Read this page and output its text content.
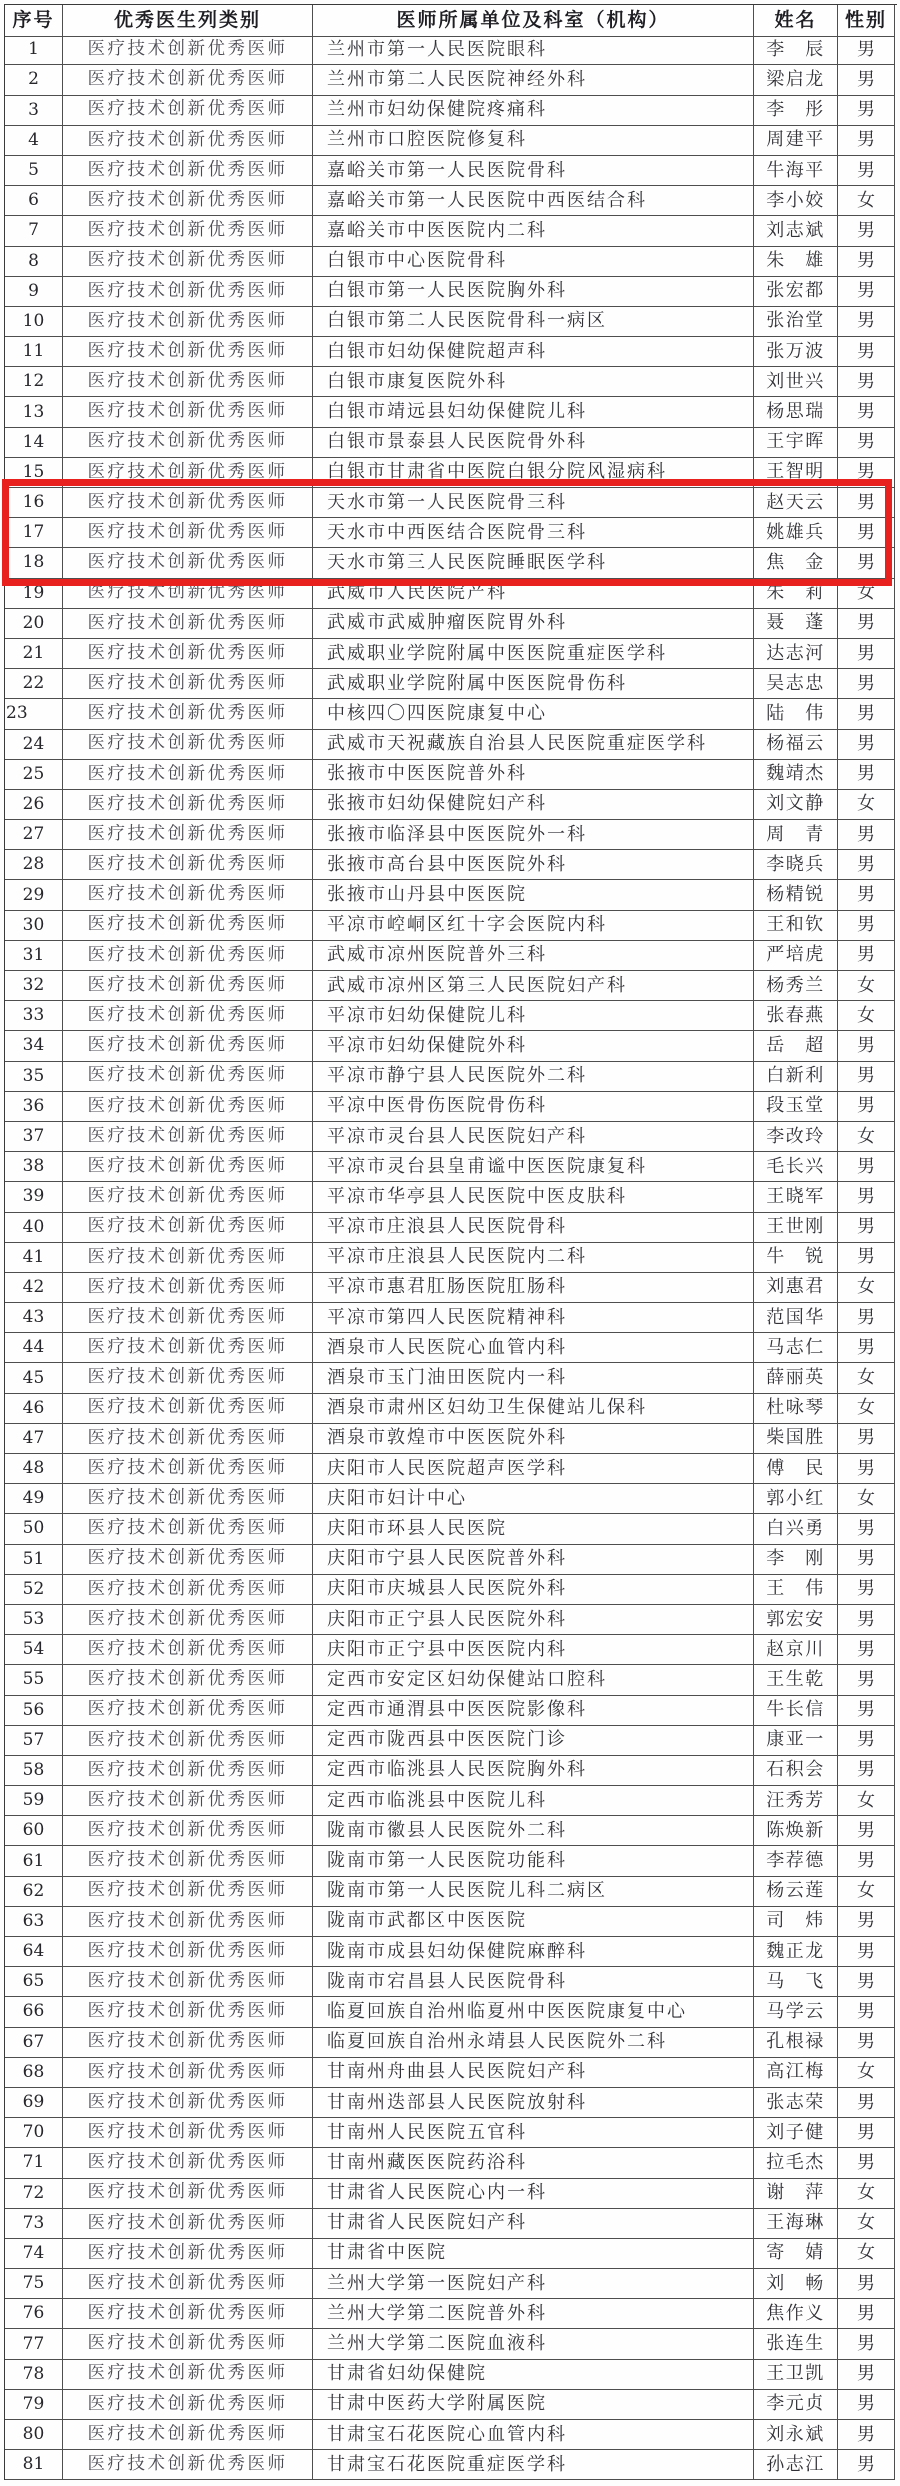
序号	优秀医生列类别	医师所属单位及科室（机构）	姓名	性别
1	医疗技术创新优秀医师	兰州市第一人民医院眼科	李　辰	男
2	医疗技术创新优秀医师	兰州市第二人民医院神经外科	梁启龙	男
3	医疗技术创新优秀医师	兰州市妇幼保健院疼痛科	李　彤	男
4	医疗技术创新优秀医师	兰州市口腔医院修复科	周建平	男
5	医疗技术创新优秀医师	嘉峪关市第一人民医院骨科	牛海平	男
6	医疗技术创新优秀医师	嘉峪关市第一人民医院中西医结合科	李小姣	女
7	医疗技术创新优秀医师	嘉峪关市中医医院内二科	刘志斌	男
8	医疗技术创新优秀医师	白银市中心医院骨科	朱　雄	男
9	医疗技术创新优秀医师	白银市第一人民医院胸外科	张宏都	男
10	医疗技术创新优秀医师	白银市第二人民医院骨科一病区	张治堂	男
11	医疗技术创新优秀医师	白银市妇幼保健院超声科	张万波	男
12	医疗技术创新优秀医师	白银市康复医院外科	刘世兴	男
13	医疗技术创新优秀医师	白银市靖远县妇幼保健院儿科	杨思瑞	男
14	医疗技术创新优秀医师	白银市景泰县人民医院骨外科	王宇晖	男
15	医疗技术创新优秀医师	白银市甘肃省中医院白银分院风湿病科	王智明	男
16	医疗技术创新优秀医师	天水市第一人民医院骨三科	赵天云	男
17	医疗技术创新优秀医师	天水市中西医结合医院骨三科	姚雄兵	男
18	医疗技术创新优秀医师	天水市第三人民医院睡眠医学科	焦　金	男
19	医疗技术创新优秀医师	武威市人民医院产科	朱　莉	女
20	医疗技术创新优秀医师	武威市武威肿瘤医院胃外科	聂　蓬	男
21	医疗技术创新优秀医师	武威职业学院附属中医医院重症医学科	达志河	男
22	医疗技术创新优秀医师	武威职业学院附属中医医院骨伤科	吴志忠	男
23	医疗技术创新优秀医师	中核四〇四医院康复中心	陆　伟	男
24	医疗技术创新优秀医师	武威市天祝藏族自治县人民医院重症医学科	杨福云	男
25	医疗技术创新优秀医师	张掖市中医医院普外科	魏靖杰	男
26	医疗技术创新优秀医师	张掖市妇幼保健院妇产科	刘文静	女
27	医疗技术创新优秀医师	张掖市临泽县中医医院外一科	周　青	男
28	医疗技术创新优秀医师	张掖市高台县中医医院外科	李晓兵	男
29	医疗技术创新优秀医师	张掖市山丹县中医医院	杨精锐	男
30	医疗技术创新优秀医师	平凉市崆峒区红十字会医院内科	王和钦	男
31	医疗技术创新优秀医师	武威市凉州医院普外三科	严培虎	男
32	医疗技术创新优秀医师	武威市凉州区第三人民医院妇产科	杨秀兰	女
33	医疗技术创新优秀医师	平凉市妇幼保健院儿科	张春燕	女
34	医疗技术创新优秀医师	平凉市妇幼保健院外科	岳　超	男
35	医疗技术创新优秀医师	平凉市静宁县人民医院外二科	白新利	男
36	医疗技术创新优秀医师	平凉中医骨伤医院骨伤科	段玉堂	男
37	医疗技术创新优秀医师	平凉市灵台县人民医院妇产科	李改玲	女
38	医疗技术创新优秀医师	平凉市灵台县皇甫谧中医医院康复科	毛长兴	男
39	医疗技术创新优秀医师	平凉市华亭县人民医院中医皮肤科	王晓军	男
40	医疗技术创新优秀医师	平凉市庄浪县人民医院骨科	王世刚	男
41	医疗技术创新优秀医师	平凉市庄浪县人民医院内二科	牛　锐	男
42	医疗技术创新优秀医师	平凉市惠君肛肠医院肛肠科	刘惠君	女
43	医疗技术创新优秀医师	平凉市第四人民医院精神科	范国华	男
44	医疗技术创新优秀医师	酒泉市人民医院心血管内科	马志仁	男
45	医疗技术创新优秀医师	酒泉市玉门油田医院内一科	薛丽英	女
46	医疗技术创新优秀医师	酒泉市肃州区妇幼卫生保健站儿保科	杜咏琴	女
47	医疗技术创新优秀医师	酒泉市敦煌市中医医院外科	柴国胜	男
48	医疗技术创新优秀医师	庆阳市人民医院超声医学科	傅　民	男
49	医疗技术创新优秀医师	庆阳市妇计中心	郭小红	女
50	医疗技术创新优秀医师	庆阳市环县人民医院	白兴勇	男
51	医疗技术创新优秀医师	庆阳市宁县人民医院普外科	李　刚	男
52	医疗技术创新优秀医师	庆阳市庆城县人民医院外科	王　伟	男
53	医疗技术创新优秀医师	庆阳市正宁县人民医院外科	郭宏安	男
54	医疗技术创新优秀医师	庆阳市正宁县中医医院内科	赵京川	男
55	医疗技术创新优秀医师	定西市安定区妇幼保健站口腔科	王生乾	男
56	医疗技术创新优秀医师	定西市通渭县中医医院影像科	牛长信	男
57	医疗技术创新优秀医师	定西市陇西县中医医院门诊	康亚一	男
58	医疗技术创新优秀医师	定西市临洮县人民医院胸外科	石积会	男
59	医疗技术创新优秀医师	定西市临洮县中医院儿科	汪秀芳	女
60	医疗技术创新优秀医师	陇南市徽县人民医院外二科	陈焕新	男
61	医疗技术创新优秀医师	陇南市第一人民医院功能科	李荐德	男
62	医疗技术创新优秀医师	陇南市第一人民医院儿科二病区	杨云莲	女
63	医疗技术创新优秀医师	陇南市武都区中医医院	司　炜	男
64	医疗技术创新优秀医师	陇南市成县妇幼保健院麻醉科	魏正龙	男
65	医疗技术创新优秀医师	陇南市宕昌县人民医院骨科	马　飞	男
66	医疗技术创新优秀医师	临夏回族自治州临夏州中医医院康复中心	马学云	男
67	医疗技术创新优秀医师	临夏回族自治州永靖县人民医院外二科	孔根禄	男
68	医疗技术创新优秀医师	甘南州舟曲县人民医院妇产科	高江梅	女
69	医疗技术创新优秀医师	甘南州迭部县人民医院放射科	张志荣	男
70	医疗技术创新优秀医师	甘南州人民医院五官科	刘子健	男
71	医疗技术创新优秀医师	甘南州藏医医院药浴科	拉毛杰	男
72	医疗技术创新优秀医师	甘肃省人民医院心内一科	谢　萍	女
73	医疗技术创新优秀医师	甘肃省人民医院妇产科	王海琳	女
74	医疗技术创新优秀医师	甘肃省中医院	寄　婧	女
75	医疗技术创新优秀医师	兰州大学第一医院妇产科	刘　畅	男
76	医疗技术创新优秀医师	兰州大学第二医院普外科	焦作义	男
77	医疗技术创新优秀医师	兰州大学第二医院血液科	张连生	男
78	医疗技术创新优秀医师	甘肃省妇幼保健院	王卫凯	男
79	医疗技术创新优秀医师	甘肃中医药大学附属医院	李元贞	男
80	医疗技术创新优秀医师	甘肃宝石花医院心血管内科	刘永斌	男
81	医疗技术创新优秀医师	甘肃宝石花医院重症医学科	孙志江	男
